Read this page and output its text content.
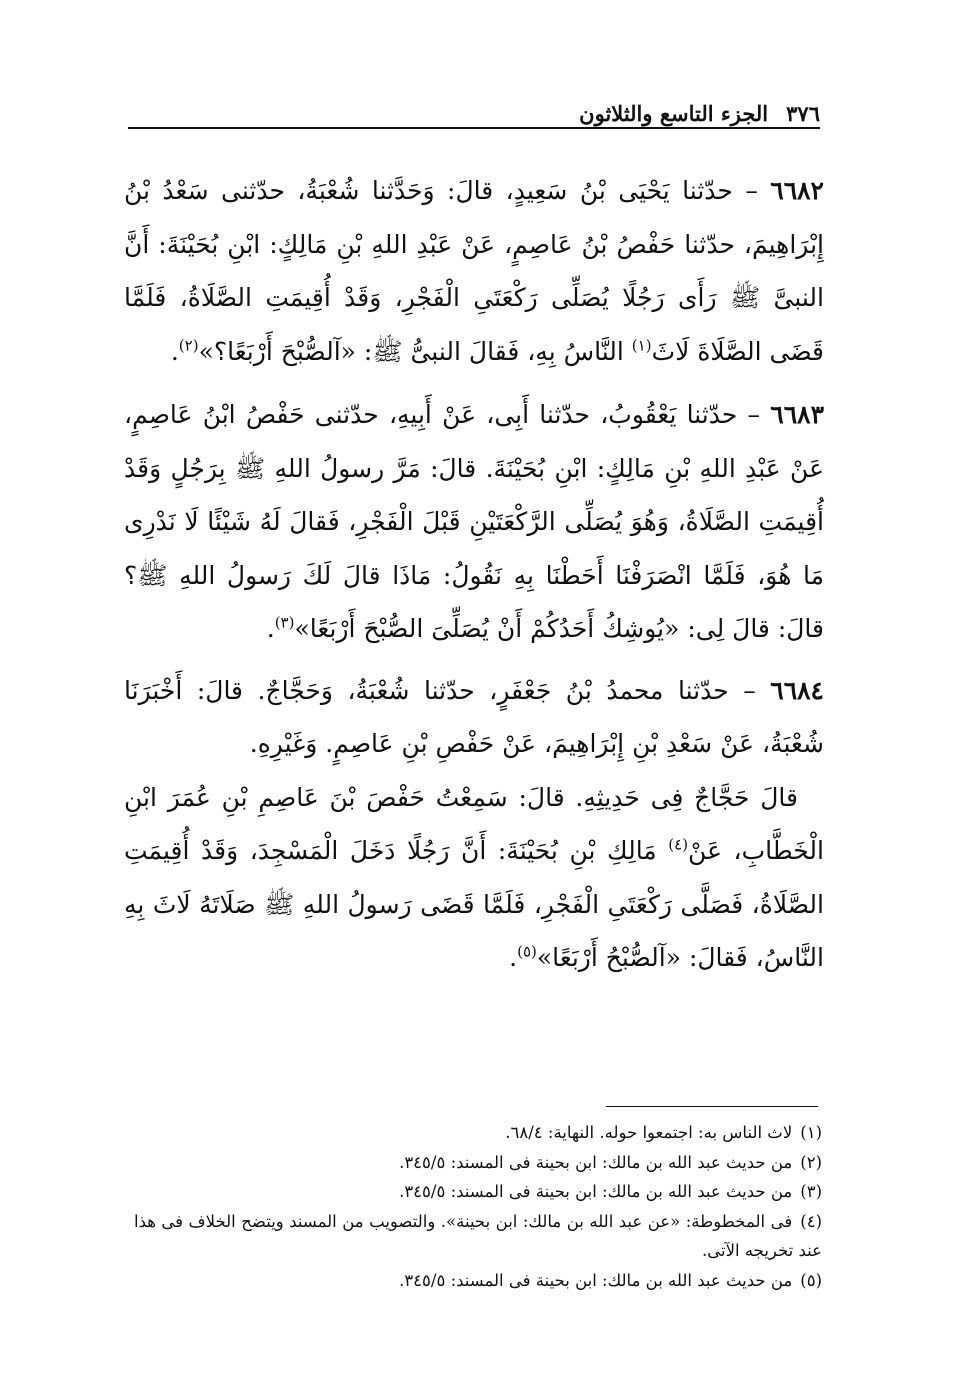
٣٧٦
الجزء التاسع والثلاثون

٦٦٨٢ – حدّثنا يَحْيَى بْنُ سَعِيدٍ، قالَ: وَحَدَّثنا شُعْبَةُ، حدّثنى سَعْدُ بْنُ إِبْرَاهِيمَ، حدّثنا حَفْصُ بْنُ عَاصِمٍ، عَنْ عَبْدِ اللهِ بْنِ مَالِكٍ: ابْنِ بُحَيْنَةَ: أَنَّ النبىَّ ﷺ رَأَى رَجُلًا يُصَلِّى رَكْعَتَىِ الْفَجْرِ، وَقَدْ أُقِيمَتِ الصَّلَاةُ، فَلَمَّا قَضَى الصَّلَاةَ لَاثَ$^{(١)}$ النَّاسُ بِهِ، فَقالَ النبىُّ ﷺ: «آلصُّبْحَ أَرْبَعًا؟»$^{(٢)}$.

٦٦٨٣ – حدّثنا يَعْقُوبُ، حدّثنا أَبِى، عَنْ أَبِيهِ، حدّثنى حَفْصُ ابْنُ عَاصِمٍ، عَنْ عَبْدِ اللهِ بْنِ مَالِكٍ: ابْنِ بُحَيْنَةَ. قالَ: مَرَّ رسولُ اللهِ ﷺ بِرَجُلٍ وَقَدْ أُقِيمَتِ الصَّلَاةُ، وَهُوَ يُصَلِّى الرَّكْعَتَيْنِ قَبْلَ الْفَجْرِ، فَقالَ لَهُ شَيْئًا لَا نَدْرِى مَا هُوَ، فَلَمَّا انْصَرَفْنَا أَحَطْنَا بِهِ نَقُولُ: مَاذَا قالَ لَكَ رَسولُ اللهِ ﷺ؟ قالَ: قالَ لِى: «يُوشِكُ أَحَدُكُمْ أَنْ يُصَلِّىَ الصُّبْحَ أَرْبَعًا»$^{(٣)}$.

٦٦٨٤ – حدّثنا محمدُ بْنُ جَعْفَرٍ، حدّثنا شُعْبَةُ، وَحَجَّاجٌ. قالَ: أَخْبَرَنَا شُعْبَةُ، عَنْ سَعْدِ بْنِ إِبْرَاهِيمَ، عَنْ حَفْصِ بْنِ عَاصِمٍ. وَغَيْرِهِ.

قالَ حَجَّاجٌ فِى حَدِيثِهِ. قالَ: سَمِعْتُ حَفْصَ بْنَ عَاصِمِ بْنِ عُمَرَ ابْنِ الْخَطَّابِ، عَنْ$^{(٤)}$ مَالِكِ بْنِ بُحَيْنَةَ: أَنَّ رَجُلًا دَخَلَ الْمَسْجِدَ، وَقَدْ أُقِيمَتِ الصَّلَاةُ، فَصَلَّى رَكْعَتَىِ الْفَجْرِ، فَلَمَّا قَضَى رَسولُ اللهِ ﷺ صَلَاتَهُ لَاثَ بِهِ النَّاسُ، فَقالَ: «آلصُّبْحُ أَرْبَعًا»$^{(٥)}$.

(١)لاث الناس به: اجتمعوا حوله. النهاية: ٦٨/٤.

(٢)من حديث عبد الله بن مالك: ابن بحينة فى المسند: ٣٤٥/٥.

(٣)من حديث عبد الله بن مالك: ابن بحينة فى المسند: ٣٤٥/٥.

(٤)فى المخطوطة: «عن عبد الله بن مالك: ابن بحينة». والتصويب من المسند ويتضح الخلاف فى هذا عند تخريجه الآتى.

(٥)من حديث عبد الله بن مالك: ابن بحينة فى المسند: ٣٤٥/٥.
